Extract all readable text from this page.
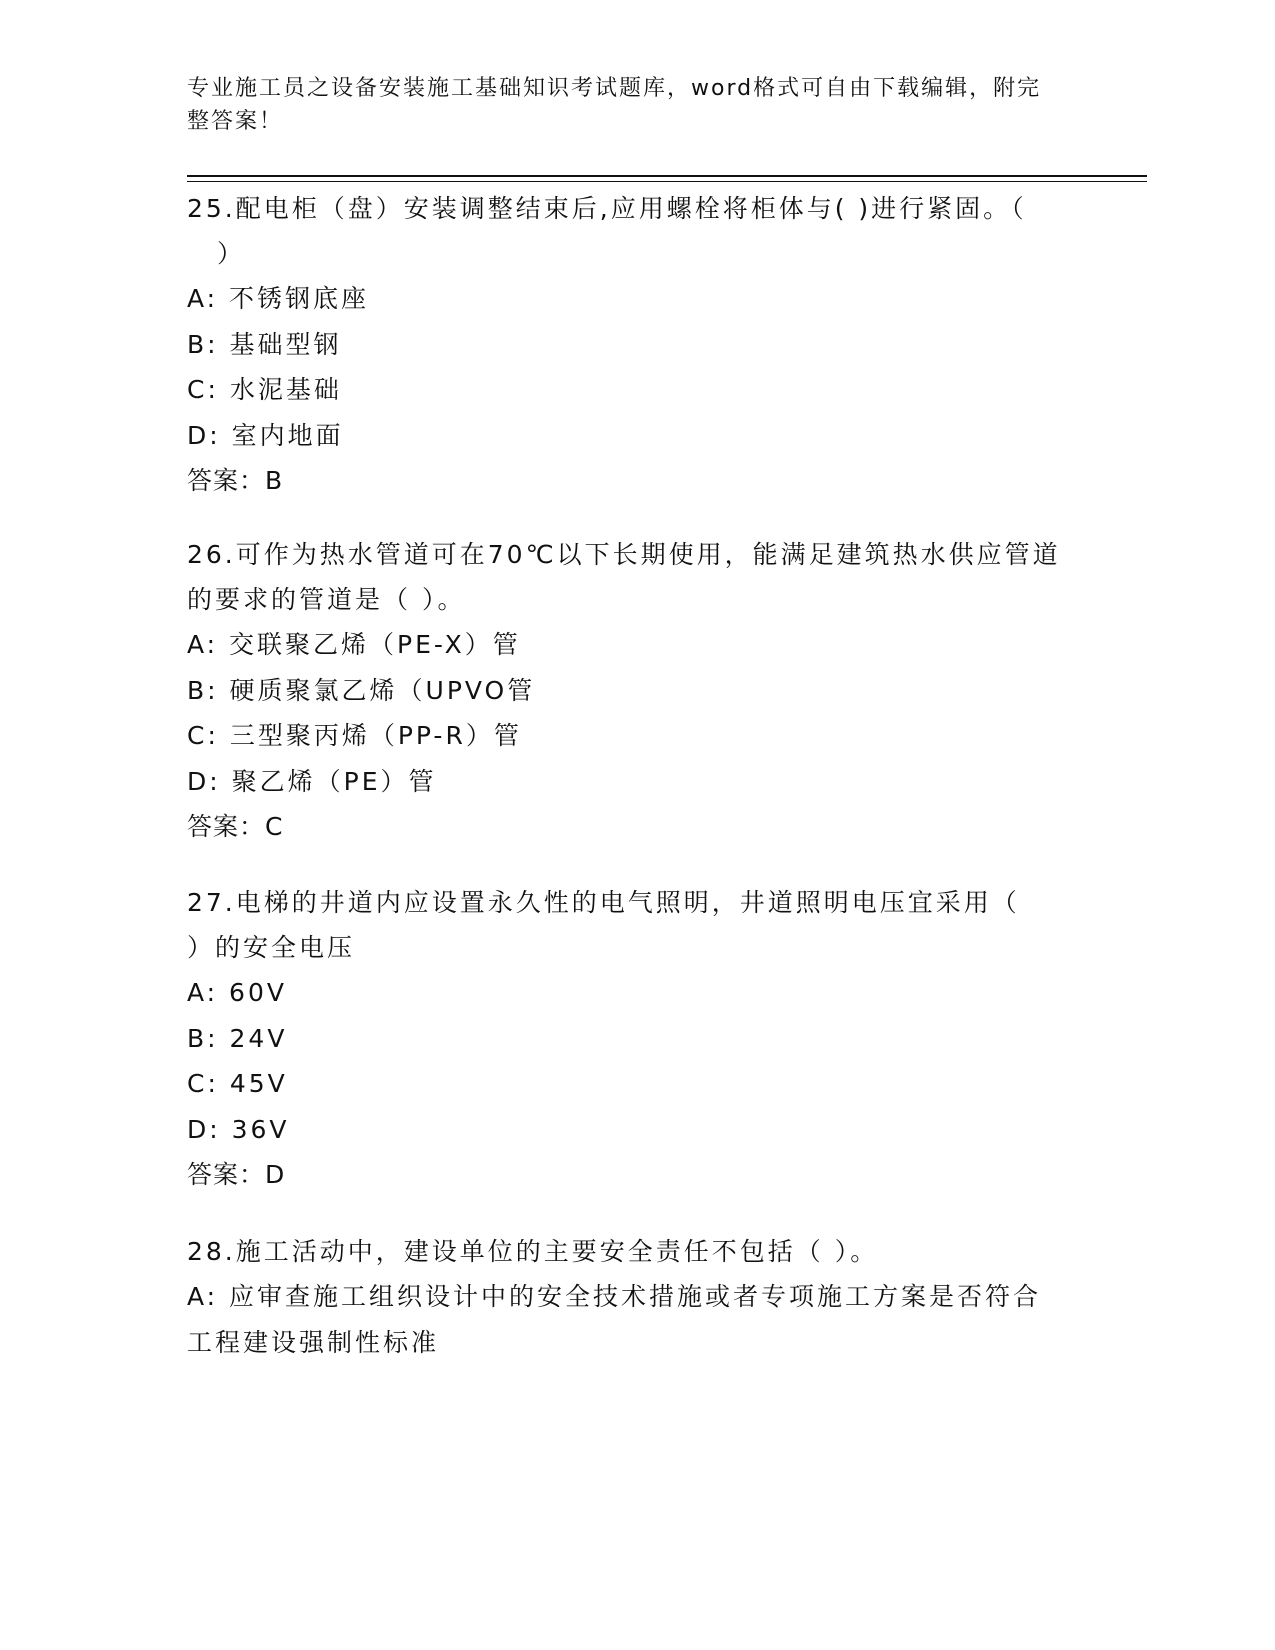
专业施工员之设备安装施工基础知识考试题库，word格式可自由下载编辑，附完
整答案！
25.配电柜（盘）安装调整结束后,应用螺栓将柜体与( )进行紧固。（
）
A: 不锈钢底座
B: 基础型钢
C: 水泥基础
D: 室内地面
答案：B
26.可作为热水管道可在70℃以下长期使用，能满足建筑热水供应管道
的要求的管道是（ ）。
A: 交联聚乙烯（PE-X）管
B: 硬质聚氯乙烯（UPVO管
C: 三型聚丙烯（PP-R）管
D: 聚乙烯（PE）管
答案：C
27.电梯的井道内应设置永久性的电气照明，井道照明电压宜采用（
）的安全电压
A: 60V
B: 24V
C: 45V
D: 36V
答案：D
28.施工活动中，建设单位的主要安全责任不包括（ ）。
A: 应审查施工组织设计中的安全技术措施或者专项施工方案是否符合
工程建设强制性标准
